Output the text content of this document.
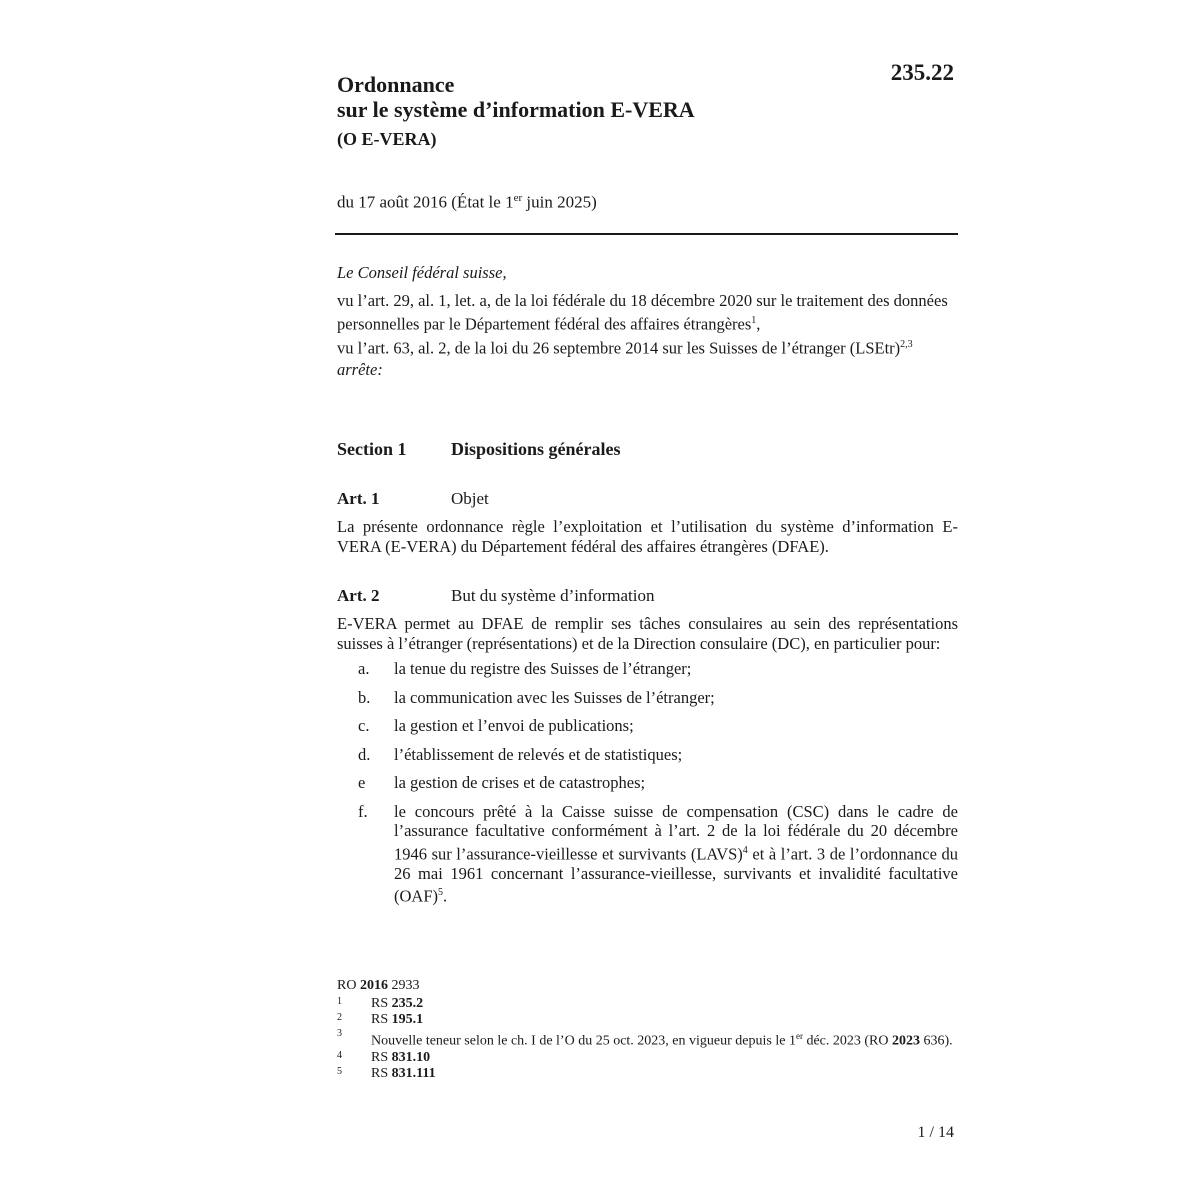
235.22
Ordonnance
sur le système d’information E-VERA
(O E-VERA)
du 17 août 2016 (État le 1er juin 2025)

Le Conseil fédéral suisse,

vu l’art. 29, al. 1, let. a, de la loi fédérale du 18 décembre 2020 sur le traitement des données personnelles par le Département fédéral des affaires étrangères$^1$,

vu l’art. 63, al. 2, de la loi du 26 septembre 2014 sur les Suisses de l’étranger (LSEtr)$^{2,3}$

arrête:

Section 1 Dispositions générales
Art. 1	Objet
La présente ordonnance règle l’exploitation et l’utilisation du système d’information E-VERA (E-VERA) du Département fédéral des affaires étrangères (DFAE).
Art. 2	But du système d’information
E-VERA permet au DFAE de remplir ses tâches consulaires au sein des représentations suisses à l’étranger (représentations) et de la Direction consulaire (DC), en particulier pour:
a. la tenue du registre des Suisses de l’étranger;
b. la communication avec les Suisses de l’étranger;
c. la gestion et l’envoi de publications;
d. l’établissement de relevés et de statistiques;
e la gestion de crises et de catastrophes;
f. le concours prêté à la Caisse suisse de compensation (CSC) dans le cadre de l’assurance facultative conformément à l’art. 2 de la loi fédérale du 20 décembre 1946 sur l’assurance-vieillesse et survivants (LAVS)$^4$ et à l’art. 3 de l’ordonnance du 26 mai 1961 concernant l’assurance-vieillesse, survivants et invalidité facultative (OAF)$^5$.
RO 2016 2933
1 RS 235.2
2 RS 195.1
3
Nouvelle teneur selon le ch. I de l’O du 25 oct. 2023, en vigueur depuis le 1er déc. 2023 (RO 2023 636).
4 RS 831.10
5 RS 831.111
1 / 14
